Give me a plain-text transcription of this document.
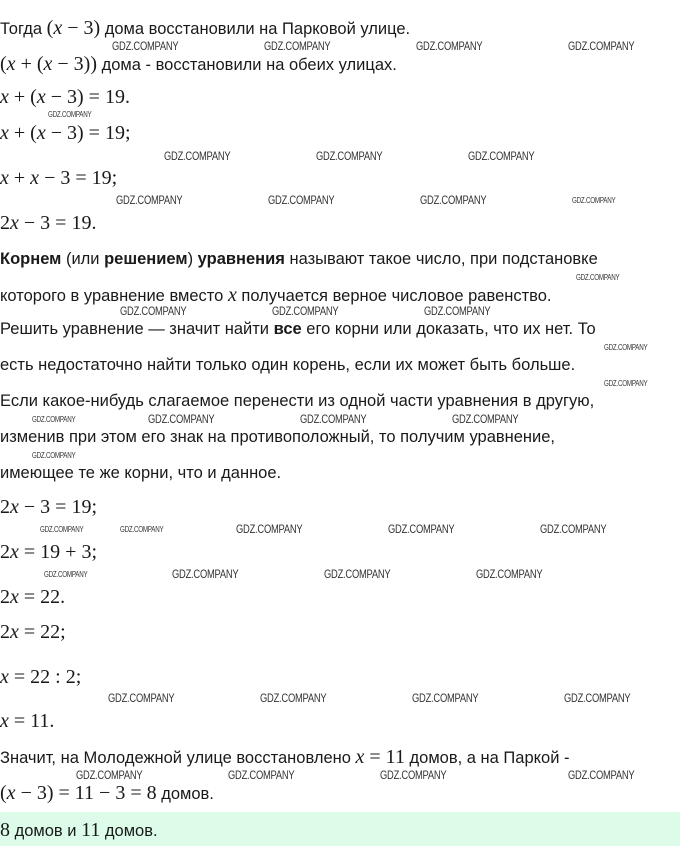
Тогда (x − 3) дома восстановили на Парковой улице.
(x + (x − 3)) дома - восстановили на обеих улицах.
x + (x − 3) = 19.
x + (x − 3) = 19;
x + x − 3 = 19;
2x − 3 = 19.
Корнем (или решением) уравнения называют такое число, при подстановке
которого в уравнение вместо x получается верное числовое равенство.
Решить уравнение — значит найти все его корни или доказать, что их нет. То
есть недостаточно найти только один корень, если их может быть больше.
Если какое-нибудь слагаемое перенести из одной части уравнения в другую,
изменив при этом его знак на противоположный, то получим уравнение,
имеющее те же корни, что и данное.
2x − 3 = 19;
2x = 19 + 3;
2x = 22.
2x = 22;
x = 22 : 2;
x = 11.
Значит, на Молодежной улице восстановлено x = 11 домов, а на Паркой -
(x − 3) = 11 − 3 = 8 домов.
8 домов и 11 домов.
GDZ.COMPANY	GDZ.COMPANY	GDZ.COMPANY	GDZ.COMPANY
GDZ.COMPANY
GDZ.COMPANY	GDZ.COMPANY	GDZ.COMPANY
GDZ.COMPANY	GDZ.COMPANY	GDZ.COMPANY	GDZ.COMPANY
GDZ.COMPANY
GDZ.COMPANY	GDZ.COMPANY	GDZ.COMPANY
GDZ.COMPANY
GDZ.COMPANY
GDZ.COMPANY	GDZ.COMPANY	GDZ.COMPANY	GDZ.COMPANY
GDZ.COMPANY
GDZ.COMPANY	GDZ.COMPANY	GDZ.COMPANY	GDZ.COMPANY	GDZ.COMPANY
GDZ.COMPANY	GDZ.COMPANY	GDZ.COMPANY	GDZ.COMPANY
GDZ.COMPANY	GDZ.COMPANY	GDZ.COMPANY	GDZ.COMPANY
GDZ.COMPANY	GDZ.COMPANY	GDZ.COMPANY	GDZ.COMPANY
